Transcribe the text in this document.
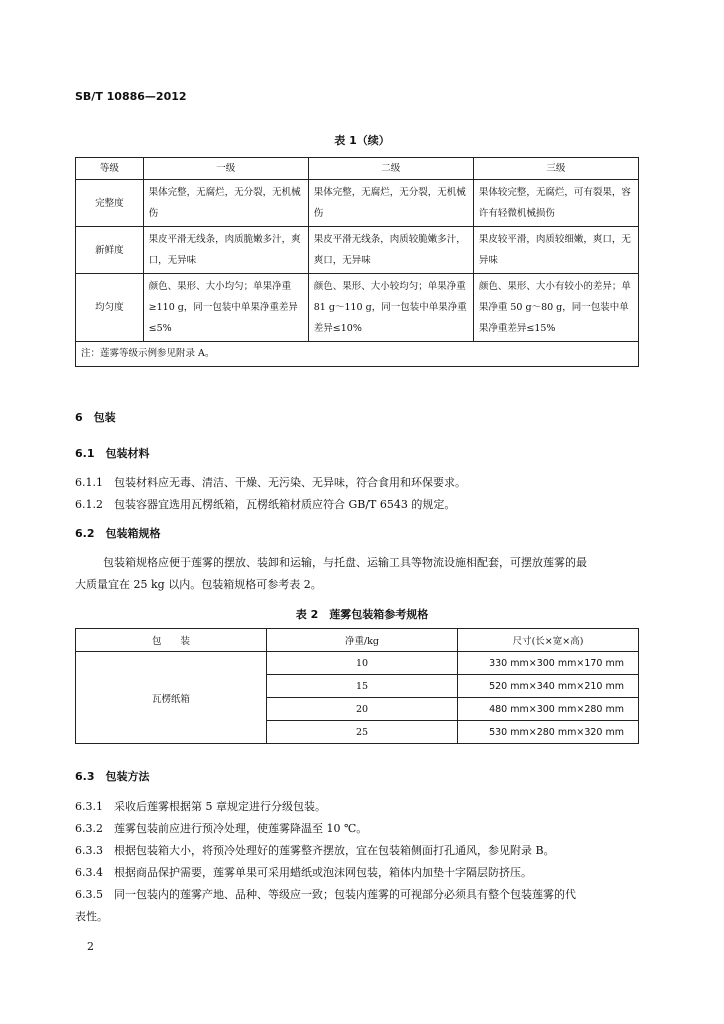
SB/T 10886—2012
表 1（续）
等级	一级	二级	三级
完整度	果体完整，无腐烂，无分裂，无机械伤	果体完整，无腐烂，无分裂，无机械伤	果体较完整，无腐烂，可有裂果，容许有轻微机械损伤
新鲜度	果皮平滑无线条，肉质脆嫩多汁，爽口，无异味	果皮平滑无线条，肉质较脆嫩多汁，爽口，无异味	果皮较平滑，肉质较细嫩，爽口，无异味
均匀度	颜色、果形、大小均匀；单果净重≥110 g，同一包装中单果净重差异≤5%	颜色、果形、大小较均匀；单果净重 81 g～110 g，同一包装中单果净重差异≤10%	颜色、果形、大小有较小的差异；单果净重 50 g～80 g，同一包装中单果净重差异≤15%
注：莲雾等级示例参见附录 A。			
6　包装
6.1　包装材料
6.1.1　包装材料应无毒、清洁、干燥、无污染、无异味，符合食用和环保要求。
6.1.2　包装容器宜选用瓦楞纸箱，瓦楞纸箱材质应符合 GB/T 6543 的规定。
6.2　包装箱规格
包装箱规格应便于莲雾的摆放、装卸和运输，与托盘、运输工具等物流设施相配套，可摆放莲雾的最
大质量宜在 25 kg 以内。包装箱规格可参考表 2。
表 2　莲雾包装箱参考规格
包　　装	净重/kg	尺寸(长×宽×高)
瓦楞纸箱	10	330 mm×300 mm×170 mm
	15	520 mm×340 mm×210 mm
	20	480 mm×300 mm×280 mm
	25	530 mm×280 mm×320 mm
6.3　包装方法
6.3.1　采收后莲雾根据第 5 章规定进行分级包装。
6.3.2　莲雾包装前应进行预冷处理，使莲雾降温至 10 ℃。
6.3.3　根据包装箱大小，将预冷处理好的莲雾整齐摆放，宜在包装箱侧面打孔通风，参见附录 B。
6.3.4　根据商品保护需要，莲雾单果可采用蜡纸或泡沫网包装，箱体内加垫十字隔层防挤压。
6.3.5　同一包装内的莲雾产地、品种、等级应一致；包装内莲雾的可视部分必须具有整个包装莲雾的代
表性。
2
